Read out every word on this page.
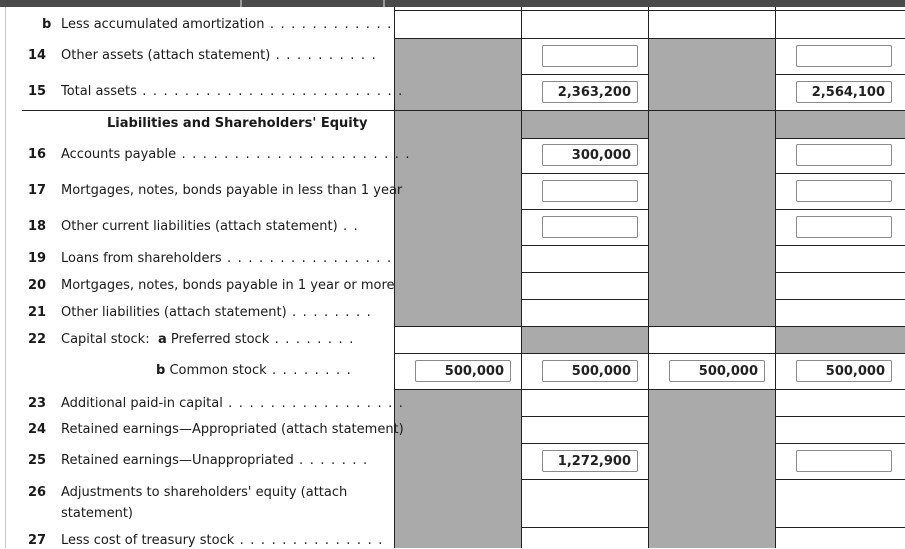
b Less accumulated amortization . . . . . . . . . . . .
14 Other assets (attach statement) . . . . . . . . . .
15 Total assets . . . . . . . . . . . . . . . . . . . . . . . . .
Liabilities and Shareholders' Equity
16 Accounts payable . . . . . . . . . . . . . . . . . . . . . .
17 Mortgages, notes, bonds payable in less than 1 year
18 Other current liabilities (attach statement) . .
19 Loans from shareholders . . . . . . . . . . . . . . . .
20 Mortgages, notes, bonds payable in 1 year or more
21 Other liabilities (attach statement) . . . . . . . .
22 Capital stock: a Preferred stock . . . . . . . .
b Common stock . . . . . . . .
23 Additional paid-in capital . . . . . . . . . . . . . . . . .
24 Retained earnings—Appropriated (attach statement)
25 Retained earnings—Unappropriated . . . . . . .
26 Adjustments to shareholders' equity (attach
statement)
27 Less cost of treasury stock . . . . . . . . . . . . . .
2,363,200
2,564,100
300,000
500,000
500,000
500,000
500,000
1,272,900
